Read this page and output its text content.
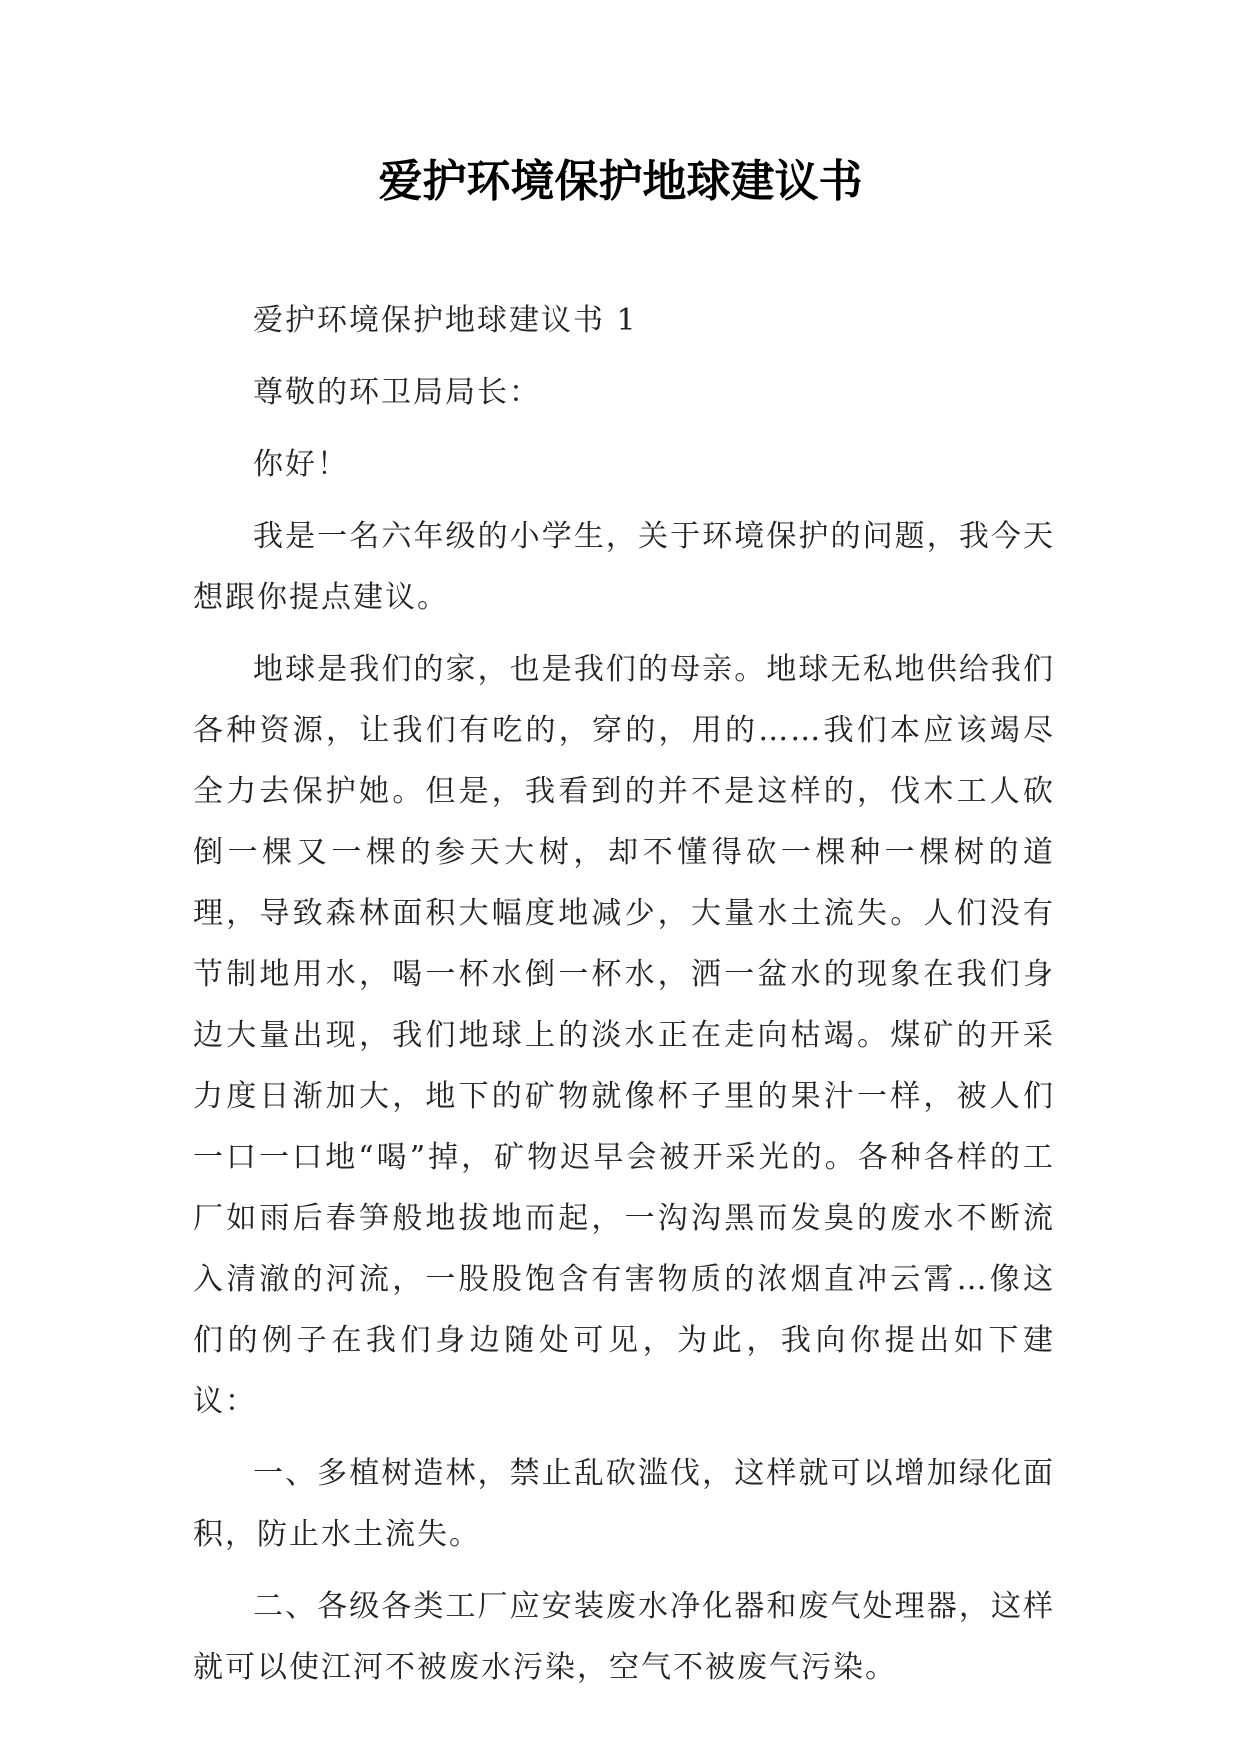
爱护环境保护地球建议书

爱护环境保护地球建议书 1

尊敬的环卫局局长：

你好！

我是一名六年级的小学生，关于环境保护的问题，我今天想跟你提点建议。

地球是我们的家，也是我们的母亲。地球无私地供给我们各种资源，让我们有吃的，穿的，用的……我们本应该竭尽全力去保护她。但是，我看到的并不是这样的，伐木工人砍倒一棵又一棵的参天大树，却不懂得砍一棵种一棵树的道理，导致森林面积大幅度地减少，大量水土流失。人们没有节制地用水，喝一杯水倒一杯水，洒一盆水的现象在我们身边大量出现，我们地球上的淡水正在走向枯竭。煤矿的开采力度日渐加大，地下的矿物就像杯子里的果汁一样，被人们一口一口地“喝”掉，矿物迟早会被开采光的。各种各样的工厂如雨后春笋般地拔地而起，一沟沟黑而发臭的废水不断流入清澈的河流，一股股饱含有害物质的浓烟直冲云霄…像这们的例子在我们身边随处可见，为此，我向你提出如下建议：

一、多植树造林，禁止乱砍滥伐，这样就可以增加绿化面积，防止水土流失。

二、各级各类工厂应安装废水净化器和废气处理器，这样就可以使江河不被废水污染，空气不被废气污染。
